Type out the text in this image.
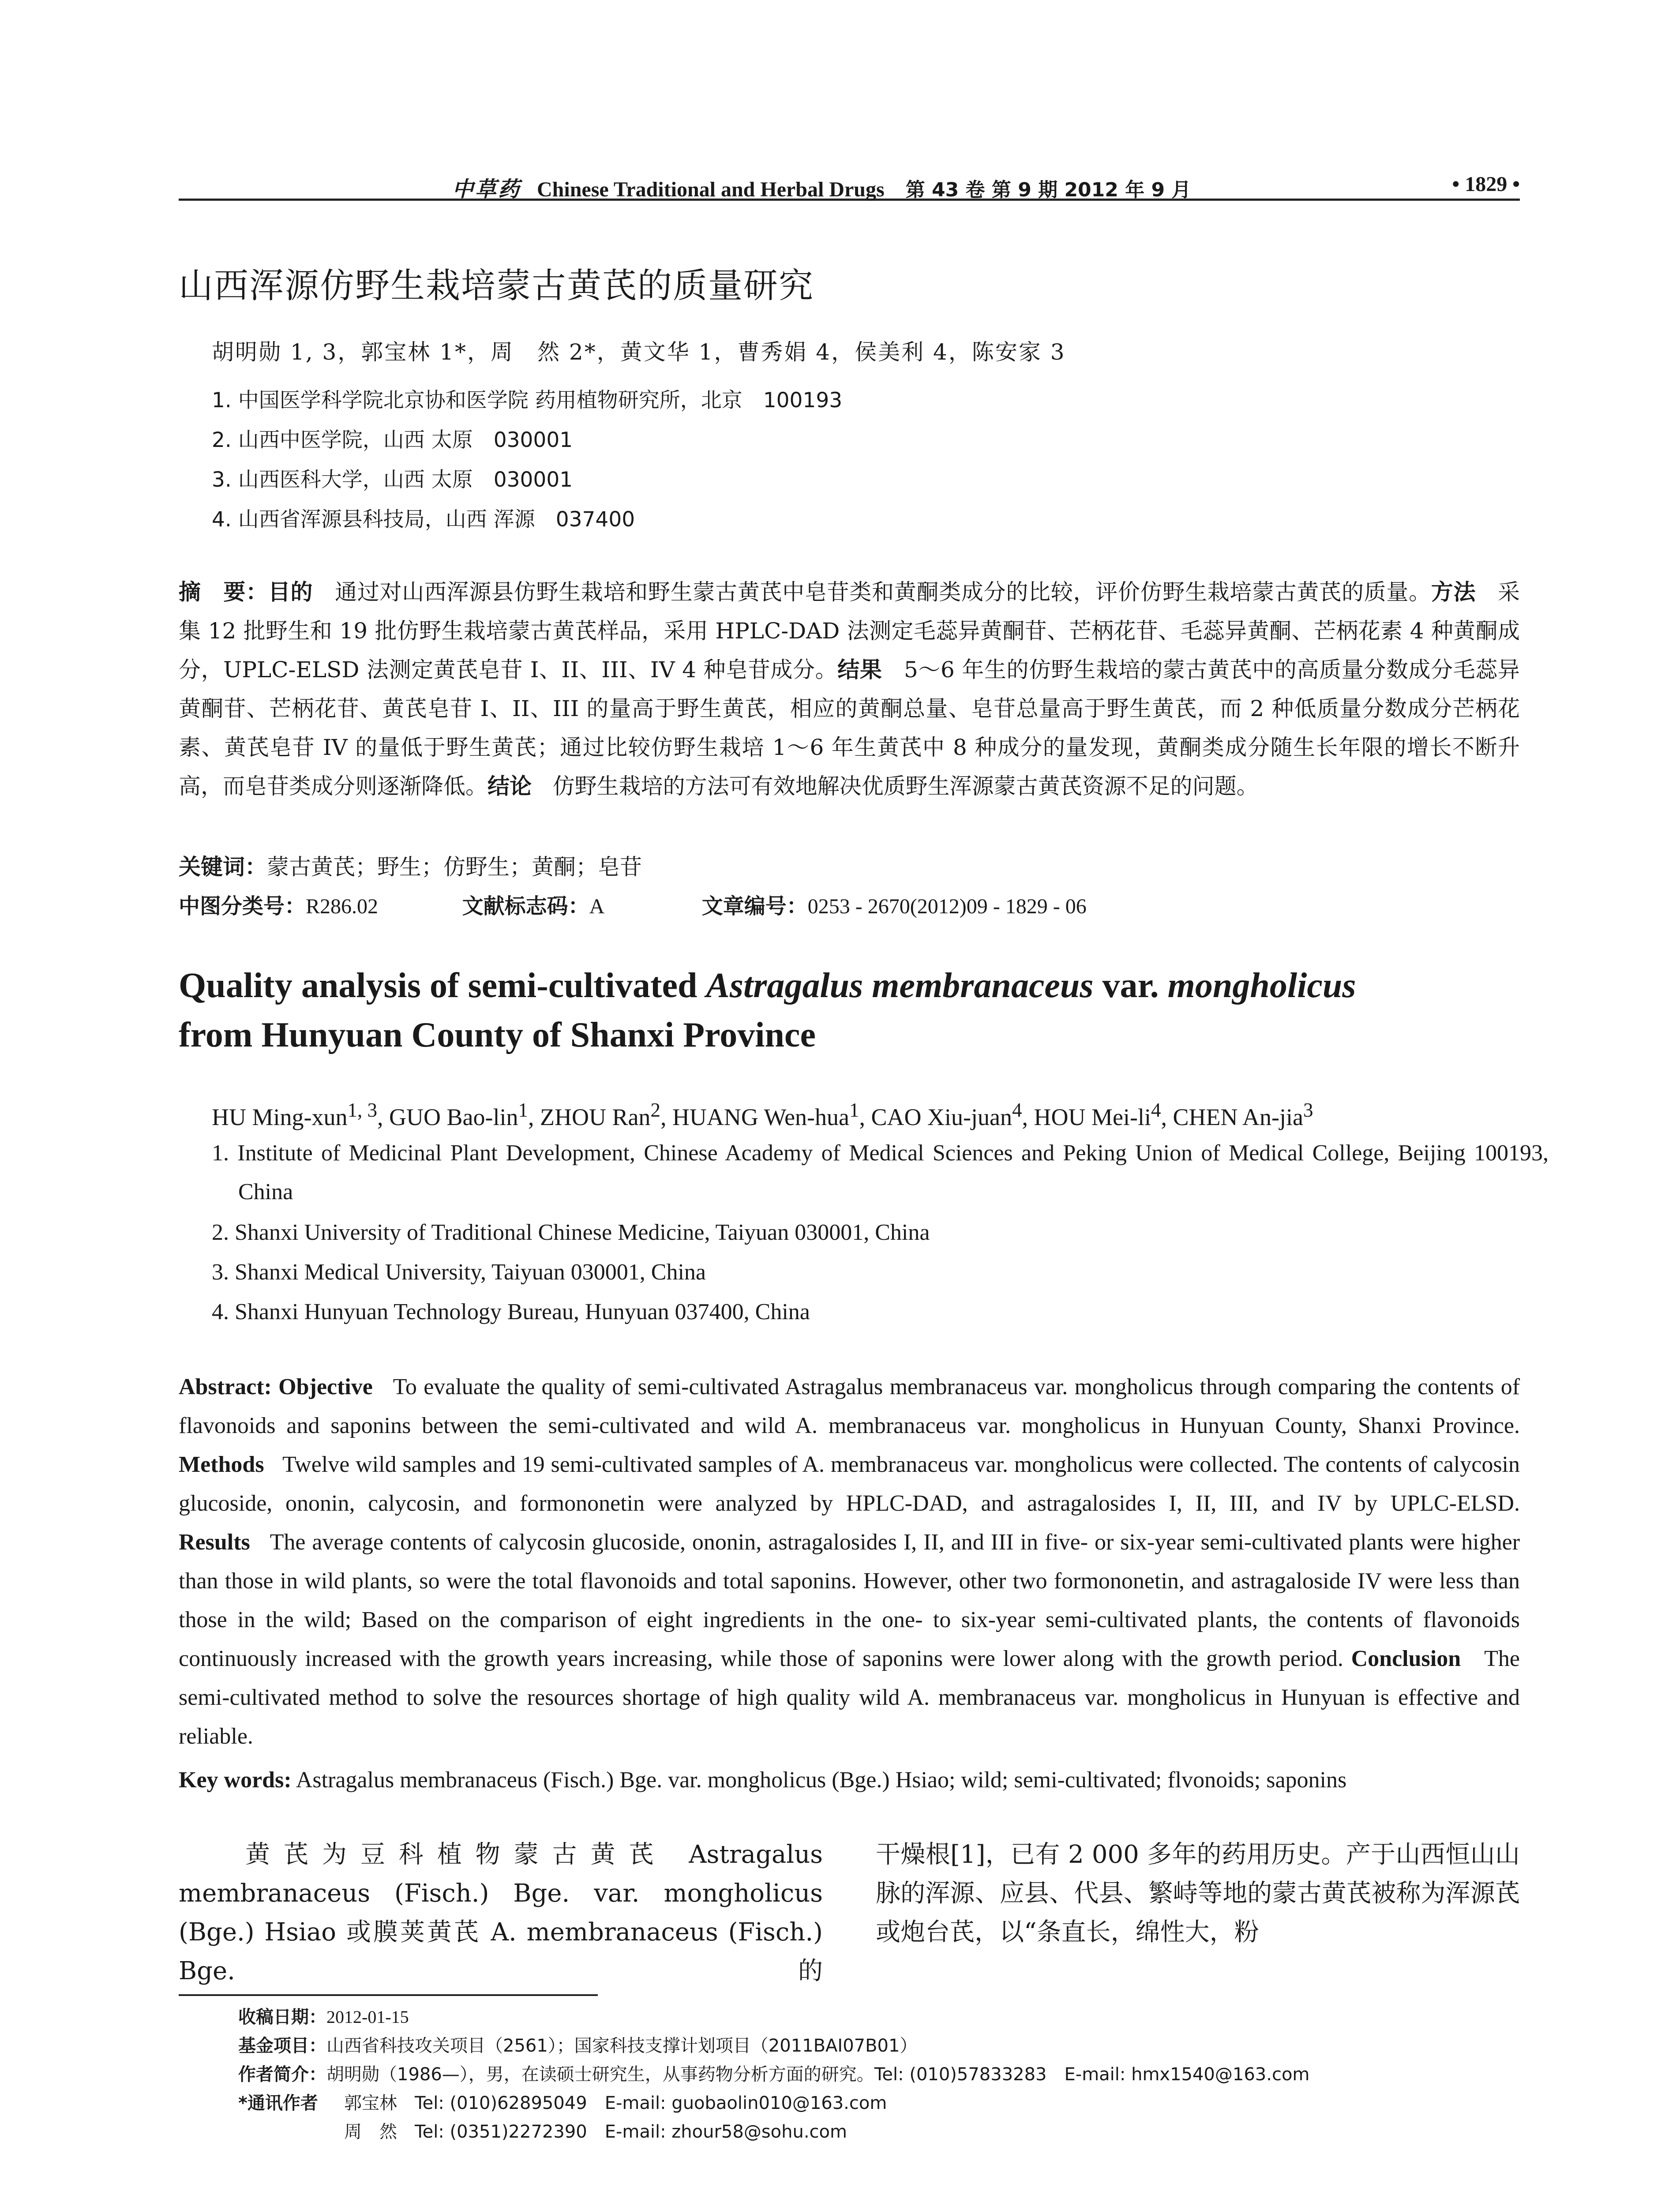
中草药 Chinese Traditional and Herbal Drugs 第 43 卷 第 9 期 2012 年 9 月	• 1829 •
山西浑源仿野生栽培蒙古黄芪的质量研究
胡明勋 1, 3，郭宝林 1*，周　然 2*，黄文华 1，曹秀娟 4，侯美利 4，陈安家 3
1. 中国医学科学院北京协和医学院 药用植物研究所，北京　100193
2. 山西中医学院，山西 太原　030001
3. 山西医科大学，山西 太原　030001
4. 山西省浑源县科技局，山西 浑源　037400
摘　要：目的 通过对山西浑源县仿野生栽培和野生蒙古黄芪中皂苷类和黄酮类成分的比较，评价仿野生栽培蒙古黄芪的质量。方法 采集 12 批野生和 19 批仿野生栽培蒙古黄芪样品，采用 HPLC-DAD 法测定毛蕊异黄酮苷、芒柄花苷、毛蕊异黄酮、芒柄花素 4 种黄酮成分，UPLC-ELSD 法测定黄芪皂苷 I、II、III、IV 4 种皂苷成分。结果 5～6 年生的仿野生栽培的蒙古黄芪中的高质量分数成分毛蕊异黄酮苷、芒柄花苷、黄芪皂苷 I、II、III 的量高于野生黄芪，相应的黄酮总量、皂苷总量高于野生黄芪，而 2 种低质量分数成分芒柄花素、黄芪皂苷 IV 的量低于野生黄芪；通过比较仿野生栽培 1～6 年生黄芪中 8 种成分的量发现，黄酮类成分随生长年限的增长不断升高，而皂苷类成分则逐渐降低。结论 仿野生栽培的方法可有效地解决优质野生浑源蒙古黄芪资源不足的问题。
关键词：蒙古黄芪；野生；仿野生；黄酮；皂苷
中图分类号：R286.02	文献标志码：A	文章编号：0253 - 2670(2012)09 - 1829 - 06
Quality analysis of semi-cultivated Astragalus membranaceus var. mongholicus
from Hunyuan County of Shanxi Province
HU Ming-xun$^{1, 3}$, GUO Bao-lin$^1$, ZHOU Ran$^2$, HUANG Wen-hua$^1$, CAO Xiu-juan$^4$, HOU Mei-$li^4$, CHEN An-jia$^3$
1. Institute of Medicinal Plant Development, Chinese Academy of Medical Sciences and Peking Union of Medical College, Beijing 100193, China
2. Shanxi University of Traditional Chinese Medicine, Taiyuan 030001, China
3. Shanxi Medical University, Taiyuan 030001, China
4. Shanxi Hunyuan Technology Bureau, Hunyuan 037400, China
Abstract: Objective To evaluate the quality of semi-cultivated Astragalus membranaceus var. mongholicus through comparing the contents of flavonoids and saponins between the semi-cultivated and wild A. membranaceus var. mongholicus in Hunyuan County, Shanxi Province. Methods Twelve wild samples and 19 semi-cultivated samples of A. membranaceus var. mongholicus were collected. The contents of calycosin glucoside, ononin, calycosin, and formononetin were analyzed by HPLC-DAD, and astragalosides I, II, III, and IV by UPLC-ELSD. Results The average contents of calycosin glucoside, ononin, astragalosides I, II, and III in five- or six-year semi-cultivated plants were higher than those in wild plants, so were the total flavonoids and total saponins. However, other two formononetin, and astragaloside IV were less than those in the wild; Based on the comparison of eight ingredients in the one- to six-year semi-cultivated plants, the contents of flavonoids continuously increased with the growth years increasing, while those of saponins were lower along with the growth period. Conclusion The semi-cultivated method to solve the resources shortage of high quality wild A. membranaceus var. mongholicus in Hunyuan is effective and reliable.
Key words: Astragalus membranaceus (Fisch.) Bge. var. mongholicus (Bge.) Hsiao; wild; semi-cultivated; flvonoids; saponins
黄芪为豆科植物蒙古黄芪 Astragalus membranaceus (Fisch.) Bge. var. mongholicus (Bge.) Hsiao 或膜荚黄芪 A. membranaceus (Fisch.) Bge. 的
干燥根[1]，已有 2 000 多年的药用历史。产于山西恒山山脉的浑源、应县、代县、繁峙等地的蒙古黄芪被称为浑源芪或炮台芪，以“条直长，绵性大，粉
收稿日期：2012-01-15
基金项目：山西省科技攻关项目（2561）；国家科技支撑计划项目（2011BAI07B01）
作者简介：胡明勋（1986—），男，在读硕士研究生，从事药物分析方面的研究。Tel: (010)57833283　E-mail: hmx1540@163.com
*通讯作者 郭宝林　Tel: (010)62895049　E-mail: guobaolin010@163.com
周　然　Tel: (0351)2272390　E-mail: zhour58@sohu.com
